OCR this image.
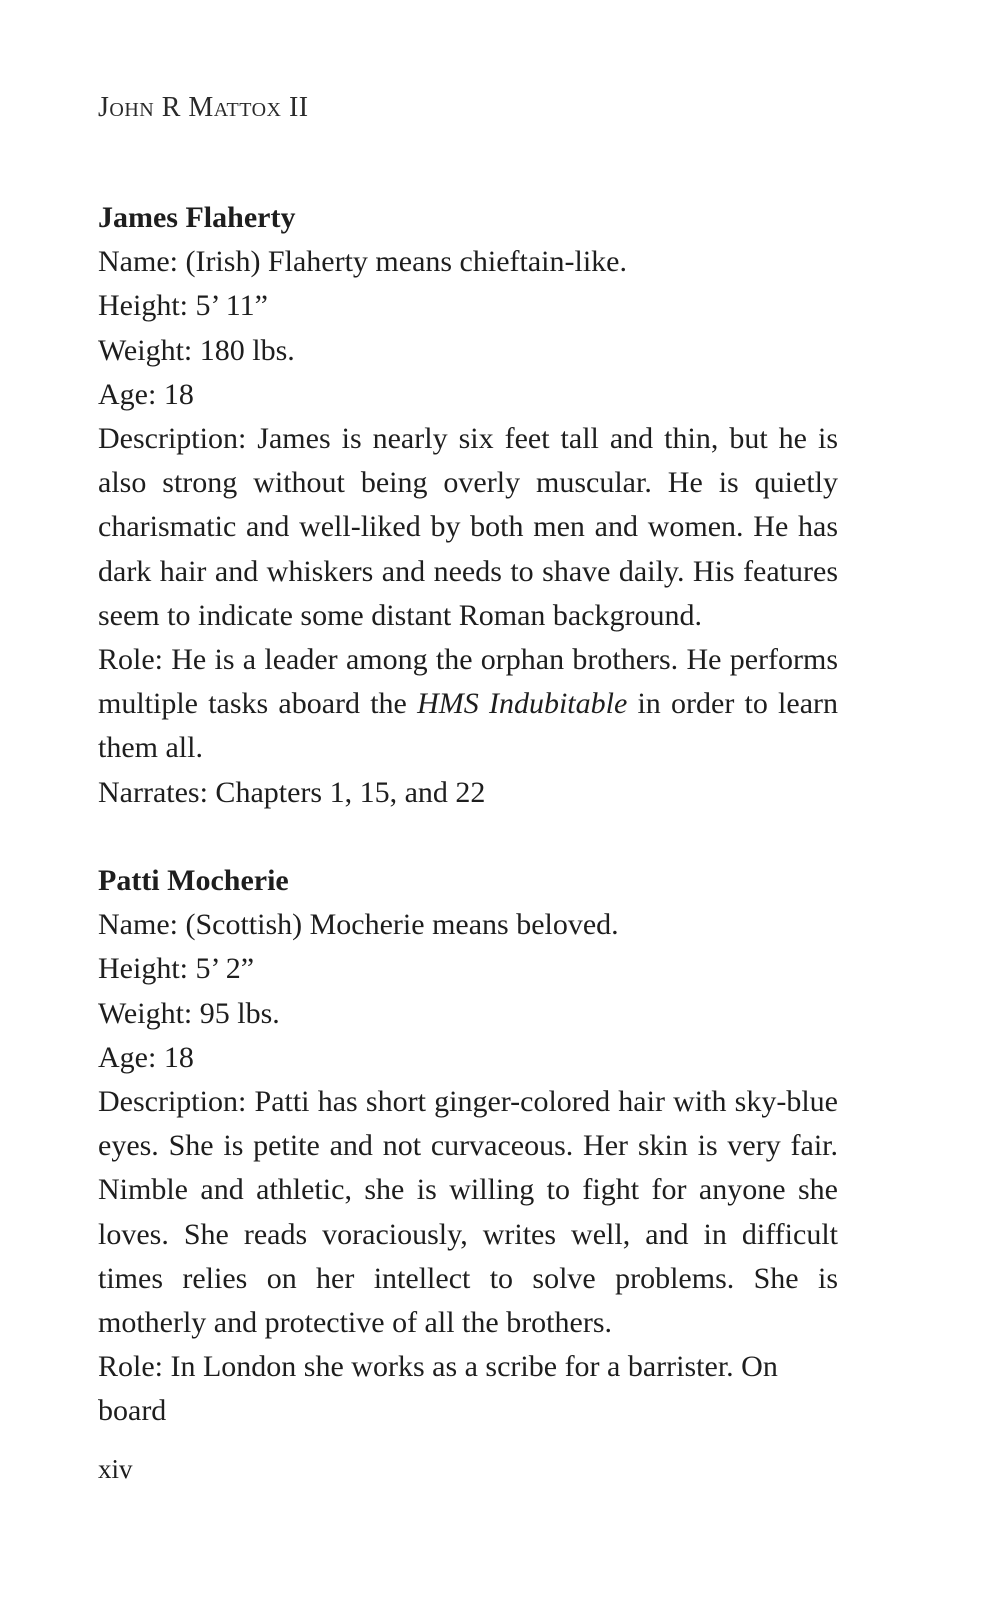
John R Mattox II

James Flaherty

Name: (Irish) Flaherty means chieftain-like.

Height: 5’ 11”

Weight: 180 lbs.

Age: 18

Description: James is nearly six feet tall and thin, but he is also strong without being overly muscular. He is quietly charismatic and well-liked by both men and women. He has dark hair and whiskers and needs to shave daily. His features seem to indicate some distant Roman background.

Role: He is a leader among the orphan brothers. He performs multiple tasks aboard the HMS Indubitable in order to learn them all.

Narrates: Chapters 1, 15, and 22

Patti Mocherie

Name: (Scottish) Mocherie means beloved.

Height: 5’ 2”

Weight: 95 lbs.

Age: 18

Description: Patti has short ginger-colored hair with sky-blue eyes. She is petite and not curvaceous. Her skin is very fair. Nimble and athletic, she is willing to fight for anyone she loves. She reads voraciously, writes well, and in difficult times relies on her intellect to solve problems. She is motherly and protective of all the brothers.

Role: In London she works as a scribe for a barrister. On board

xiv
